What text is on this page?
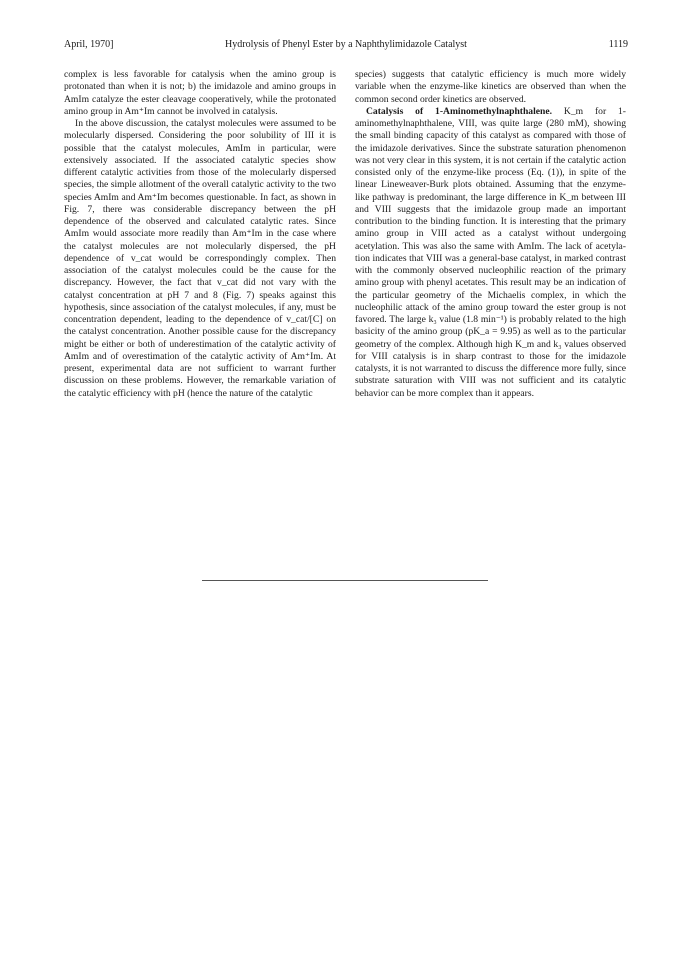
April, 1970]	Hydrolysis of Phenyl Ester by a Naphthylimidazole Catalyst	1119

complex is less favorable for catalysis when the amino group is protonated than when it is not; b) the imidazole and amino groups in AmIm catalyze the ester cleavage cooperatively, while the protonated amino group in Am⁺Im cannot be involved in catalysis.

In the above discussion, the catalyst molecules were assumed to be molecularly dispersed. Considering the poor solubility of III it is possible that the catalyst molecules, AmIm in particular, were extensively associated. If the associated catalytic species show different catalytic activities from those of the molecularly dispersed species, the simple allotment of the overall catalytic activity to the two species AmIm and Am⁺Im becomes questionable. In fact, as shown in Fig. 7, there was considerable discrepancy between the pH dependence of the observed and calculated catalytic rates. Since AmIm would associate more readily than Am⁺Im in the case where the catalyst molecules are not molecularly dispersed, the pH dependence of v_cat would be correspondingly complex. Then association of the catalyst molecules could be the cause for the discrepancy. However, the fact that v_cat did not vary with the catalyst concentration at pH 7 and 8 (Fig. 7) speaks against this hypothesis, since association of the catalyst molecules, if any, must be concentration dependent, leading to the dependence of v_cat/[C] on the catalyst concentration. Another possible cause for the discrepancy might be either or both of underestimation of the catalytic activity of AmIm and of overestimation of the catalytic activity of Am⁺Im. At present, experimental data are not sufficient to warrant further discussion on these problems. However, the remarkable variation of the catalytic efficiency with pH (hence the nature of the catalytic

species) suggests that catalytic efficiency is much more widely variable when the enzyme-like kinetics are observed than when the common second order kinetics are observed.

Catalysis of 1-Aminomethylnaphthalene. K_m for 1-aminomethylnaphthalene, VIII, was quite large (280 mM), showing the small binding capacity of this catalyst as compared with those of the imidazole derivatives. Since the substrate saturation phenomenon was not very clear in this system, it is not certain if the catalytic action consisted only of the enzyme-like process (Eq. (1)), in spite of the linear Lineweaver-Burk plots obtained. Assuming that the enzyme-like pathway is predominant, the large difference in K_m between III and VIII suggests that the imidazole group made an important contribution to the binding function. It is interesting that the primary amino group in VIII acted as a catalyst without undergoing acetylation. This was also the same with AmIm. The lack of acetylation indicates that VIII was a general-base catalyst, in marked contrast with the commonly observed nucleophilic reaction of the primary amino group with phenyl acetates. This result may be an indication of the particular geometry of the Michaelis complex, in which the nucleophilic attack of the amino group toward the ester group is not favored. The large k₃ value (1.8 min⁻¹) is probably related to the high basicity of the amino group (pK_a = 9.95) as well as to the particular geometry of the complex. Although high K_m and k₃ values observed for VIII catalysis is in sharp contrast to those for the imidazole catalysts, it is not warranted to discuss the difference more fully, since substrate saturation with VIII was not sufficient and its catalytic behavior can be more complex than it appears.
